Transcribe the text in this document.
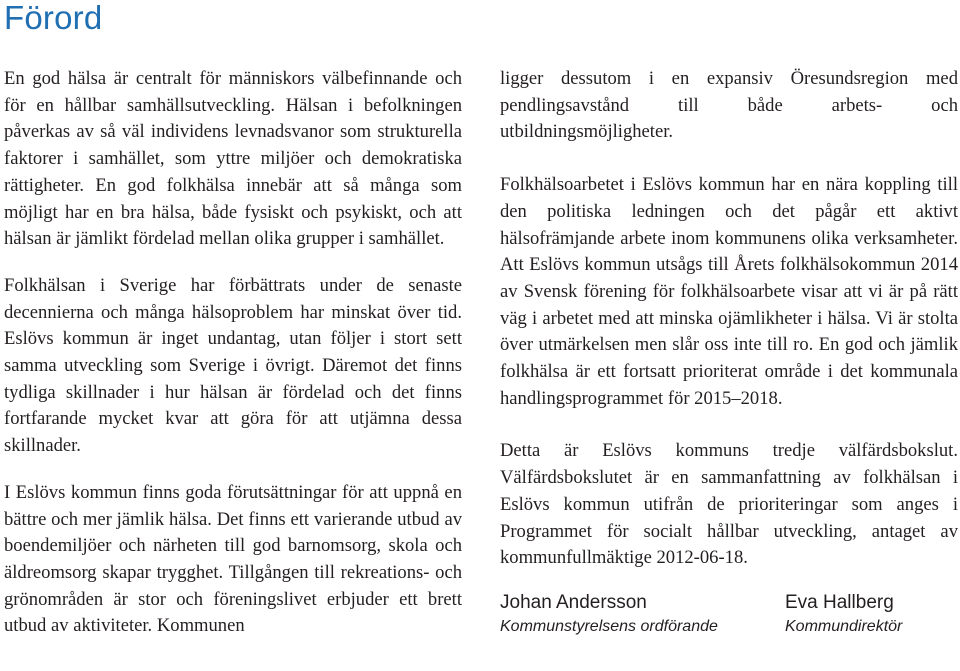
Förord

En god hälsa är centralt för människors välbefinnande och för en hållbar samhällsutveckling. Hälsan i befolkningen påverkas av så väl individens levnadsvanor som strukturella faktorer i samhället, som yttre miljöer och demokratiska rättigheter. En god folkhälsa innebär att så många som möjligt har en bra hälsa, både fysiskt och psykiskt, och att hälsan är jämlikt fördelad mellan olika grupper i samhället.

Folkhälsan i Sverige har förbättrats under de senaste decennierna och många hälsoproblem har minskat över tid. Eslövs kommun är inget undantag, utan följer i stort sett samma utveckling som Sverige i övrigt. Däremot det finns tydliga skillnader i hur hälsan är fördelad och det finns fortfarande mycket kvar att göra för att utjämna dessa skillnader.

I Eslövs kommun finns goda förutsättningar för att uppnå en bättre och mer jämlik hälsa. Det finns ett varierande utbud av boendemiljöer och närheten till god barnomsorg, skola och äldreomsorg skapar trygghet. Tillgången till rekreations- och grönområden är stor och föreningslivet erbjuder ett brett utbud av aktiviteter. Kommunen

ligger dessutom i en expansiv Öresundsregion med pendlingsavstånd till både arbets- och utbildningsmöjligheter.

Folkhälsoarbetet i Eslövs kommun har en nära koppling till den politiska ledningen och det pågår ett aktivt hälsofrämjande arbete inom kommunens olika verksamheter. Att Eslövs kommun utsågs till Årets folkhälsokommun 2014 av Svensk förening för folkhälsoarbete visar att vi är på rätt väg i arbetet med att minska ojämlikheter i hälsa. Vi är stolta över utmärkelsen men slår oss inte till ro. En god och jämlik folkhälsa är ett fortsatt prioriterat område i det kommunala handlingsprogrammet för 2015–2018.

Detta är Eslövs kommuns tredje välfärdsbokslut. Välfärdsbokslutet är en sammanfattning av folkhälsan i Eslövs kommun utifrån de prioriteringar som anges i Programmet för socialt hållbar utveckling, antaget av kommunfullmäktige 2012-06-18.

Johan Andersson
Kommunstyrelsens ordförande
Eva Hallberg
Kommundirektör
